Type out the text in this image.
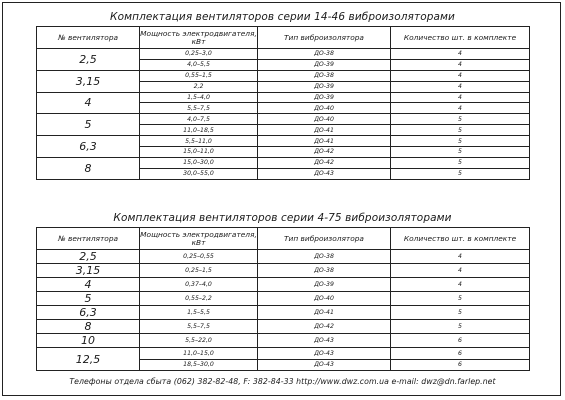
Комплектация вентиляторов серии 14-46 виброизоляторами
№ вентилятора	Мощность электродвигателя, кВт	Тип виброизолятора	Количество шт. в комплекте
2,5	0,25–3,0	ДО-38	4
	4,0–5,5	ДО-39	4
3,15	0,55–1,5	ДО-38	4
	2,2	ДО-39	4
4	1,5–4,0	ДО-39	4
	5,5–7,5	ДО-40	4
5	4,0–7,5	ДО-40	5
	11,0–18,5	ДО-41	5
6,3	5,5–11,0	ДО-41	5
	15,0–11,0	ДО-42	5
8	15,0–30,0	ДО-42	5
	30,0–55,0	ДО-43	5
Комплектация вентиляторов серии 4-75 виброизоляторами
№ вентилятора	Мощность электродвигателя, кВт	Тип виброизолятора	Количество шт. в комплекте
2,5	0,25–0,55	ДО-38	4
3,15	0,25–1,5	ДО-38	4
4	0,37–4,0	ДО-39	4
5	0,55–2,2	ДО-40	5
6,3	1,5–5,5	ДО-41	5
8	5,5–7,5	ДО-42	5
10	5,5–22,0	ДО-43	6
12,5	11,0–15,0	ДО-43	6
	18,5–30,0	ДО-43	6
Телефоны отдела сбыта (062) 382-82-48, F: 382-84-33 http://www.dwz.com.ua e-mail: dwz@dn.farlep.net
